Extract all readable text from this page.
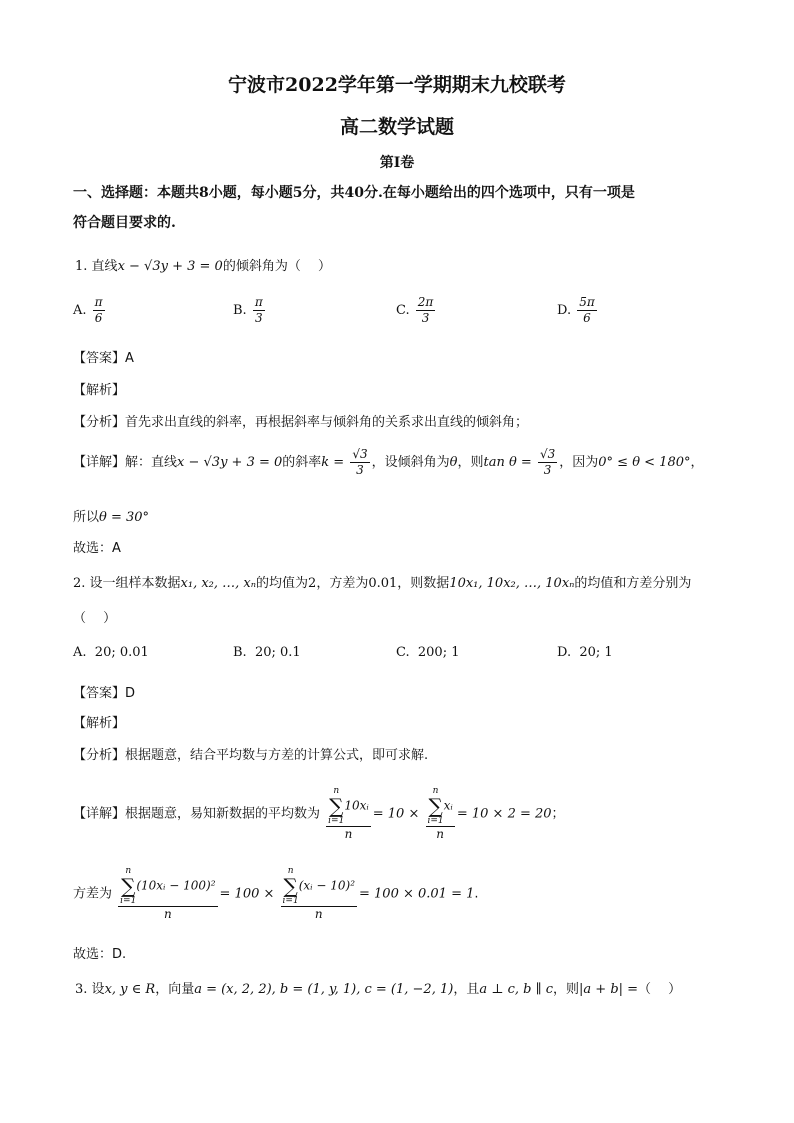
宁波市2022学年第一学期期末九校联考
高二数学试题
第I卷
一、选择题：本题共8小题，每小题5分，共40分.在每小题给出的四个选项中，只有一项是
符合题目要求的.
1. 直线x − √3y + 3 = 0的倾斜角为（　 ）
A. $\frac{\pi}{6}$	B. $\frac{\pi}{3}$	C. $\frac{2\pi}{3}$	D. $\frac{5\pi}{6}$
【答案】A
【解析】
【分析】首先求出直线的斜率，再根据斜率与倾斜角的关系求出直线的倾斜角；
【详解】解：直线x − √3y + 3 = 0的斜率$k = \frac{√3}{3}$ ，设倾斜角为θ，则$\tan \theta = \frac{√3}{3}$ ，因为0° ≤ θ < 180°，
所以θ = 30°
故选：A
2. 设一组样本数据x₁, x₂, …, xₙ的均值为2，方差为0.01，则数据10x₁, 10x₂, …, 10xₙ的均值和方差分别为
（　 ）
A. 20; 0.01	B. 20; 0.1	C. 200; 1	D. 20; 1
【答案】D
【解析】
【分析】根据题意，结合平均数与方差的计算公式，即可求解.
【详解】根据题意，易知新数据的平均数为 n
∑
i=1
10xᵢ
n = 10 × n
∑
i=1
xᵢ
n = 10 × 2 = 20；
方差为 n
∑
i=1
(10xᵢ − 100)²
n = 100 × n
∑
i=1
(xᵢ − 10)²
n = 100 × 0.01 = 1.
故选：D.
3. 设x, y ∈ R，向量a = (x, 2, 2), b = (1, y, 1), c = (1, −2, 1)，且a ⊥ c, b ∥ c，则|a + b| =（　 ）
